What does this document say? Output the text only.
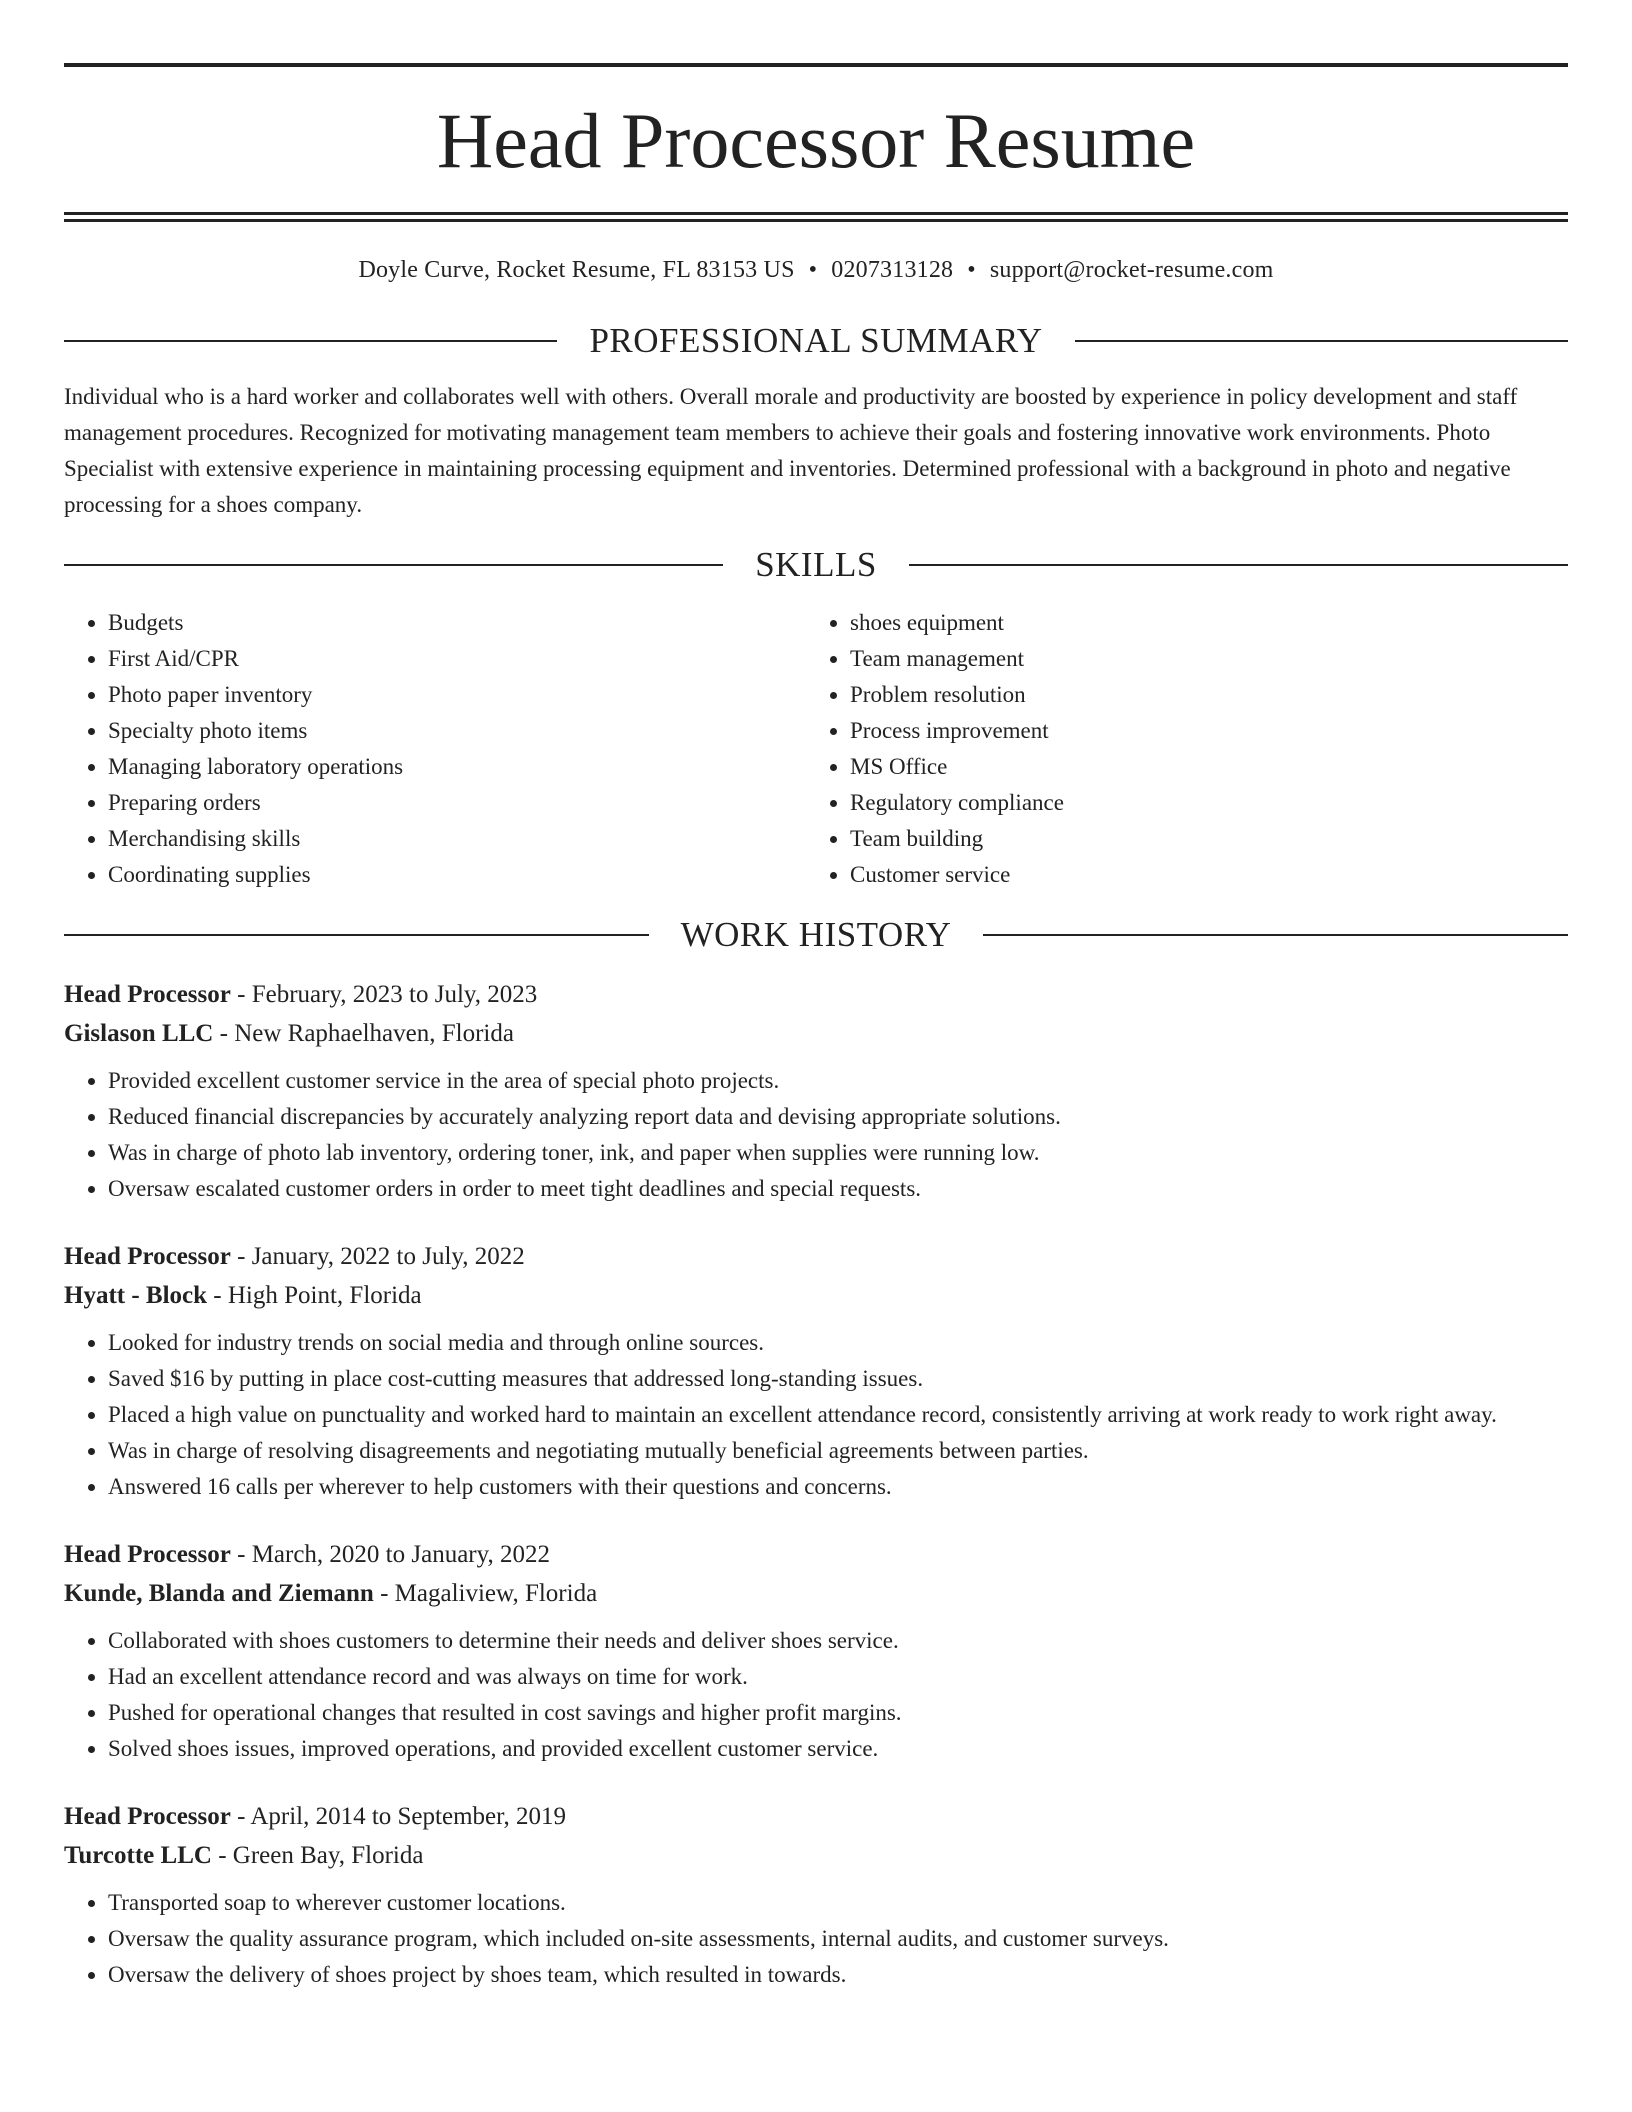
Head Processor Resume
Doyle Curve, Rocket Resume, FL 83153 US • 0207313128 • support@rocket-resume.com
PROFESSIONAL SUMMARY
Individual who is a hard worker and collaborates well with others. Overall morale and productivity are boosted by experience in policy development and staff management procedures. Recognized for motivating management team members to achieve their goals and fostering innovative work environments. Photo Specialist with extensive experience in maintaining processing equipment and inventories. Determined professional with a background in photo and negative processing for a shoes company.
SKILLS
• Budgets
• First Aid/CPR
• Photo paper inventory
• Specialty photo items
• Managing laboratory operations
• Preparing orders
• Merchandising skills
• Coordinating supplies
• shoes equipment
• Team management
• Problem resolution
• Process improvement
• MS Office
• Regulatory compliance
• Team building
• Customer service
WORK HISTORY
Head Processor - February, 2023 to July, 2023
Gislason LLC - New Raphaelhaven, Florida
• Provided excellent customer service in the area of special photo projects.
• Reduced financial discrepancies by accurately analyzing report data and devising appropriate solutions.
• Was in charge of photo lab inventory, ordering toner, ink, and paper when supplies were running low.
• Oversaw escalated customer orders in order to meet tight deadlines and special requests.
Head Processor - January, 2022 to July, 2022
Hyatt - Block - High Point, Florida
• Looked for industry trends on social media and through online sources.
• Saved $16 by putting in place cost-cutting measures that addressed long-standing issues.
• Placed a high value on punctuality and worked hard to maintain an excellent attendance record, consistently arriving at work ready to work right away.
• Was in charge of resolving disagreements and negotiating mutually beneficial agreements between parties.
• Answered 16 calls per wherever to help customers with their questions and concerns.
Head Processor - March, 2020 to January, 2022
Kunde, Blanda and Ziemann - Magaliview, Florida
• Collaborated with shoes customers to determine their needs and deliver shoes service.
• Had an excellent attendance record and was always on time for work.
• Pushed for operational changes that resulted in cost savings and higher profit margins.
• Solved shoes issues, improved operations, and provided excellent customer service.
Head Processor - April, 2014 to September, 2019
Turcotte LLC - Green Bay, Florida
• Transported soap to wherever customer locations.
• Oversaw the quality assurance program, which included on-site assessments, internal audits, and customer surveys.
• Oversaw the delivery of shoes project by shoes team, which resulted in towards.
